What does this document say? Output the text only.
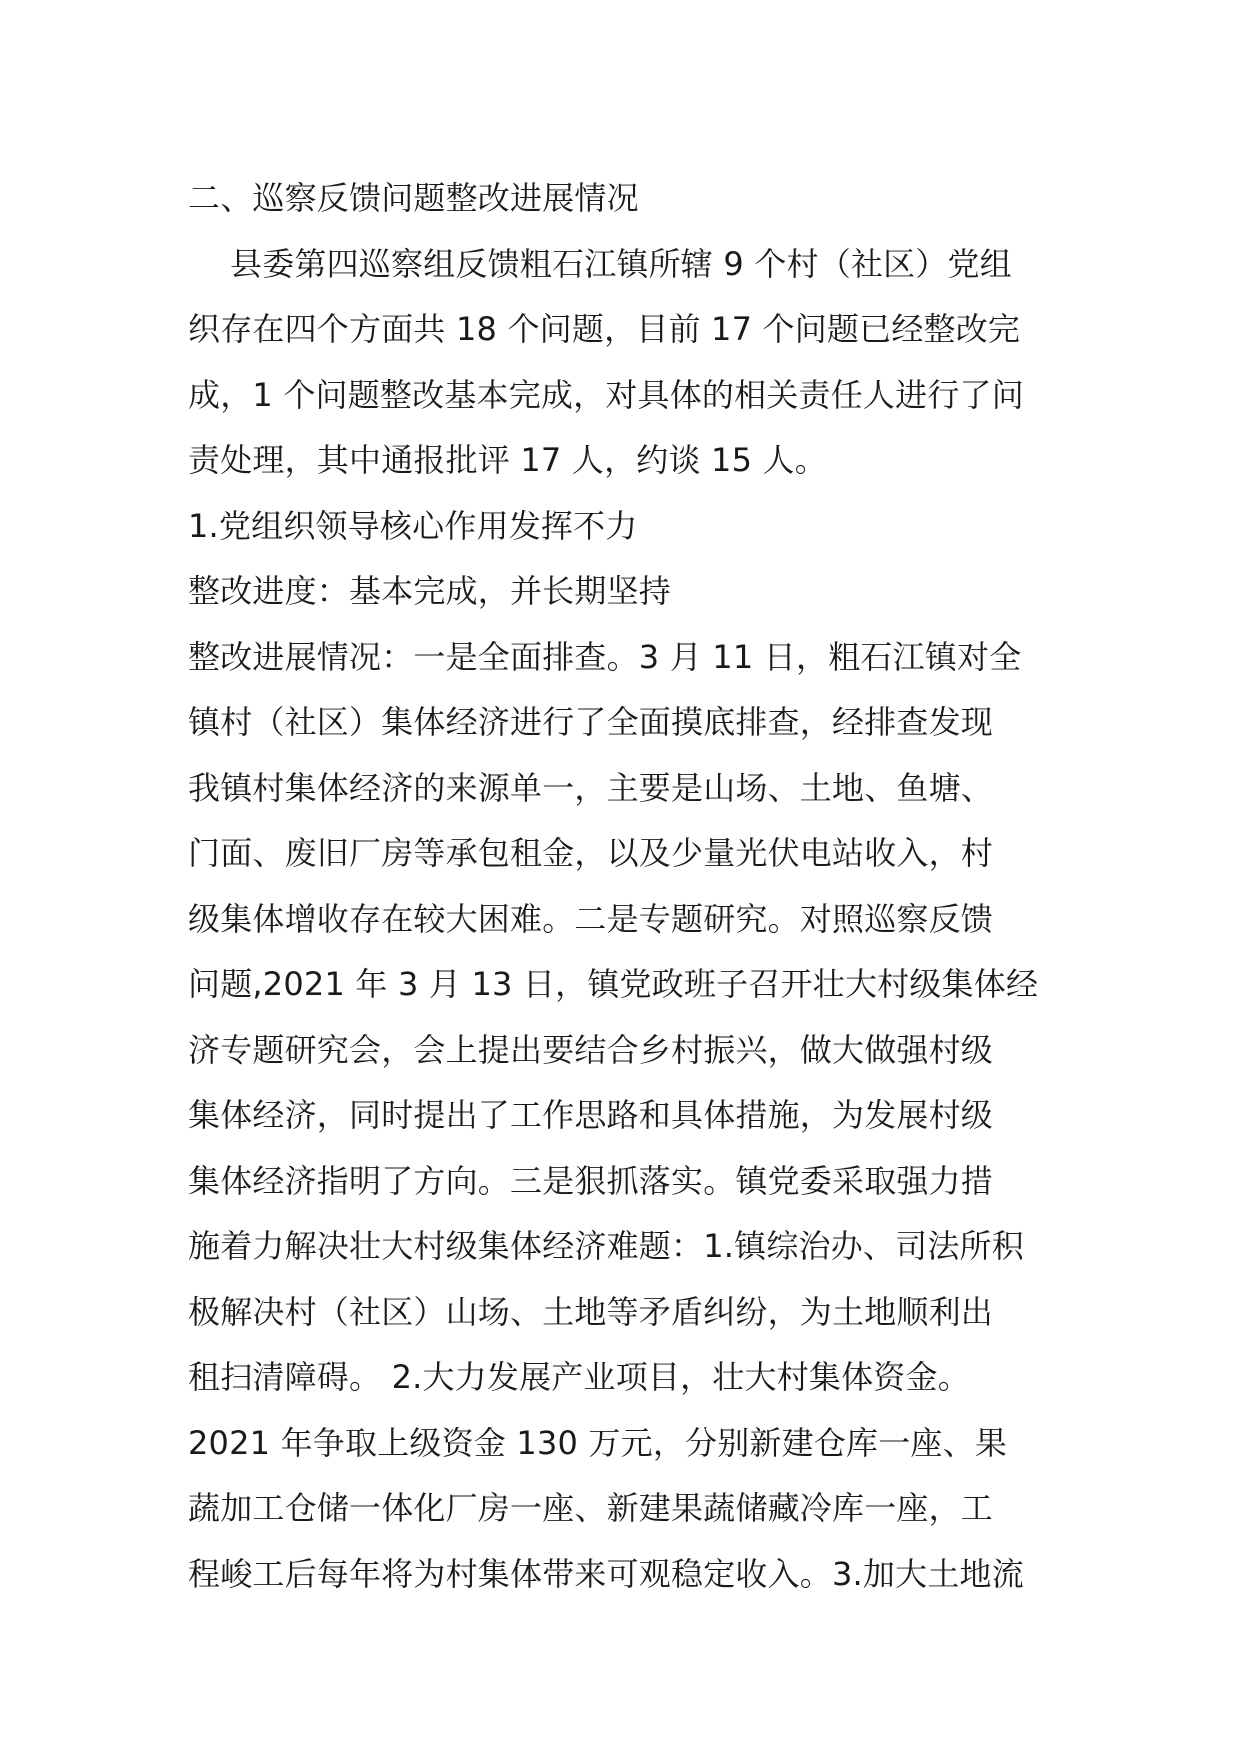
二、巡察反馈问题整改进展情况
县委第四巡察组反馈粗石江镇所辖 9 个村（社区）党组
织存在四个方面共 18 个问题，目前 17 个问题已经整改完
成，1 个问题整改基本完成，对具体的相关责任人进行了问
责处理，其中通报批评 17 人，约谈 15 人。
1.党组织领导核心作用发挥不力
整改进度：基本完成，并长期坚持
整改进展情况：一是全面排查。3 月 11 日，粗石江镇对全
镇村（社区）集体经济进行了全面摸底排查，经排查发现
我镇村集体经济的来源单一，主要是山场、土地、鱼塘、
门面、废旧厂房等承包租金，以及少量光伏电站收入，村
级集体增收存在较大困难。二是专题研究。对照巡察反馈
问题,2021 年 3 月 13 日，镇党政班子召开壮大村级集体经
济专题研究会，会上提出要结合乡村振兴，做大做强村级
集体经济，同时提出了工作思路和具体措施，为发展村级
集体经济指明了方向。三是狠抓落实。镇党委采取强力措
施着力解决壮大村级集体经济难题：1.镇综治办、司法所积
极解决村（社区）山场、土地等矛盾纠纷，为土地顺利出
租扫清障碍。 2.大力发展产业项目，壮大村集体资金。
2021 年争取上级资金 130 万元，分别新建仓库一座、果
蔬加工仓储一体化厂房一座、新建果蔬储藏冷库一座，工
程峻工后每年将为村集体带来可观稳定收入。3.加大土地流
